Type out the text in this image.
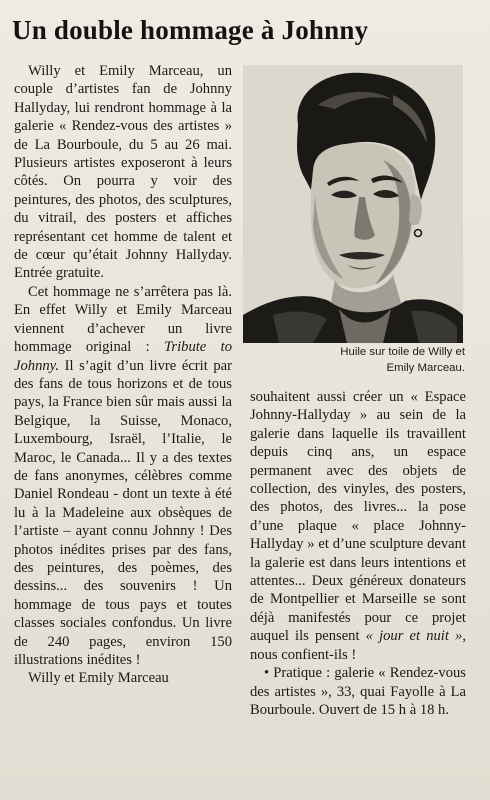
Un double hommage à Johnny

Willy et Emily Marceau, un couple d’artistes fan de Johnny Hallyday, lui rendront hommage à la galerie « Rendez-vous des artistes » de La Bourboule, du 5 au 26 mai. Plusieurs artistes exposeront à leurs côtés. On pourra y voir des peintures, des photos, des sculptures, du vitrail, des posters et affiches représentant cet homme de talent et de cœur qu’était Johnny Hallyday. Entrée gratuite.

Cet hommage ne s’arrêtera pas là. En effet Willy et Emily Marceau viennent d’achever un livre hommage original : Tribute to Johnny. Il s’agit d’un livre écrit par des fans de tous horizons et de tous pays, la France bien sûr mais aussi la Belgique, la Suisse, Monaco, Luxembourg, Israël, l’Italie, le Maroc, le Canada... Il y a des textes de fans anonymes, célèbres comme Daniel Rondeau - dont un texte à été lu à la Madeleine aux obsèques de l’artiste – ayant connu Johnny ! Des photos inédites prises par des fans, des peintures, des poèmes, des dessins... des souvenirs ! Un hommage de tous pays et toutes classes sociales confondus. Un livre de 240 pages, environ 150 illustrations inédites !

Willy et Emily Marceau

Huile sur toile de Willy et
Emily Marceau.

souhaitent aussi créer un « Espace Johnny-Hallyday » au sein de la galerie dans laquelle ils travaillent depuis cinq ans, un espace permanent avec des objets de collection, des vinyles, des posters, des photos, des livres... la pose d’une plaque « place Johnny-Hallyday » et d’une sculpture devant la galerie est dans leurs intentions et attentes... Deux généreux donateurs de Montpellier et Marseille se sont déjà manifestés pour ce projet auquel ils pensent « jour et nuit », nous confient-ils !

• Pratique : galerie « Rendez-vous des artistes », 33, quai Fayolle à La Bourboule. Ouvert de 15 h à 18 h.
